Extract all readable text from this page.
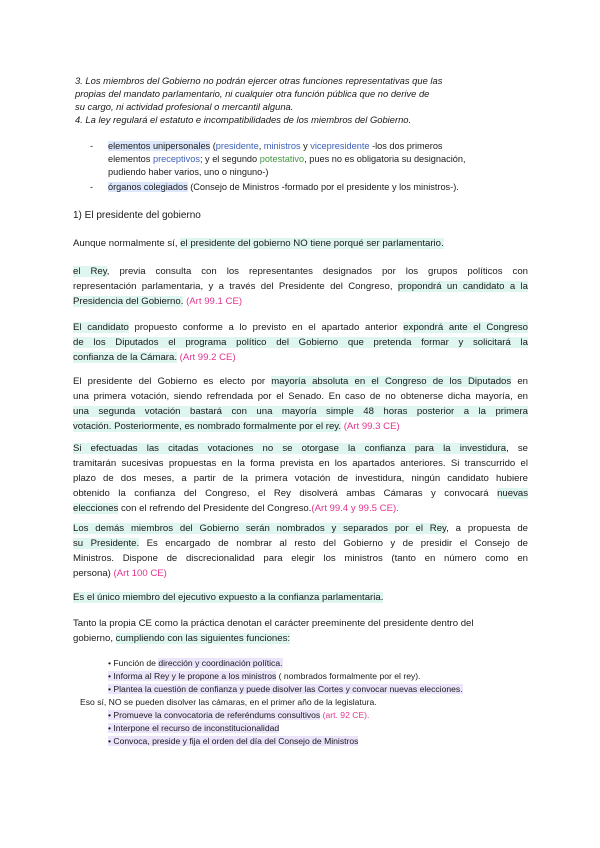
3. Los miembros del Gobierno no podrán ejercer otras funciones representativas que las
propias del mandato parlamentario, ni cualquier otra función pública que no derive de
su cargo, ni actividad profesional o mercantil alguna.
4. La ley regulará el estatuto e incompatibilidades de los miembros del Gobierno.
- elementos unipersonales (presidente, ministros y vicepresidente -los dos primeros
elementos preceptivos; y el segundo potestativo, pues no es obligatoria su designación,
pudiendo haber varios, uno o ninguno-)
- órganos colegiados (Consejo de Ministros -formado por el presidente y los ministros-).
1) El presidente del gobierno
Aunque normalmente sí, el presidente del gobierno NO tiene porqué ser parlamentario.
el Rey, previa consulta con los representantes designados por los grupos políticos con
representación parlamentaria, y a través del Presidente del Congreso, propondrá un candidato a la
Presidencia del Gobierno. (Art 99.1 CE)
El candidato propuesto conforme a lo previsto en el apartado anterior expondrá ante el Congreso
de los Diputados el programa político del Gobierno que pretenda formar y solicitará la
confianza de la Cámara. (Art 99.2 CE)
El presidente del Gobierno es electo por mayoría absoluta en el Congreso de los Diputados en
una primera votación, siendo refrendada por el Senado. En caso de no obtenerse dicha mayoría, en
una segunda votación bastará con una mayoría simple 48 horas posterior a la primera
votación. Posteriormente, es nombrado formalmente por el rey. (Art 99.3 CE)
Si efectuadas las citadas votaciones no se otorgase la confianza para la investidura, se
tramitarán sucesivas propuestas en la forma prevista en los apartados anteriores. Si transcurrido el
plazo de dos meses, a partir de la primera votación de investidura, ningún candidato hubiere
obtenido la confianza del Congreso, el Rey disolverá ambas Cámaras y convocará nuevas
elecciones con el refrendo del Presidente del Congreso.(Art 99.4 y 99.5 CE).
Los demás miembros del Gobierno serán nombrados y separados por el Rey, a propuesta de
su Presidente. Es encargado de nombrar al resto del Gobierno y de presidir el Consejo de
Ministros. Dispone de discrecionalidad para elegir los ministros (tanto en número como en
persona) (Art 100 CE)
Es el único miembro del ejecutivo expuesto a la confianza parlamentaria.
Tanto la propia CE como la práctica denotan el carácter preeminente del presidente dentro del
gobierno, cumpliendo con las siguientes funciones:
• Función de dirección y coordinación política.
• Informa al Rey y le propone a los ministros ( nombrados formalmente por el rey).
• Plantea la cuestión de confianza y puede disolver las Cortes y convocar nuevas elecciones.
Eso sí, NO se pueden disolver las cámaras, en el primer año de la legislatura.
• Promueve la convocatoria de referéndums consultivos (art. 92 CE).
• Interpone el recurso de inconstitucionalidad
• Convoca, preside y fija el orden del día del Consejo de Ministros
